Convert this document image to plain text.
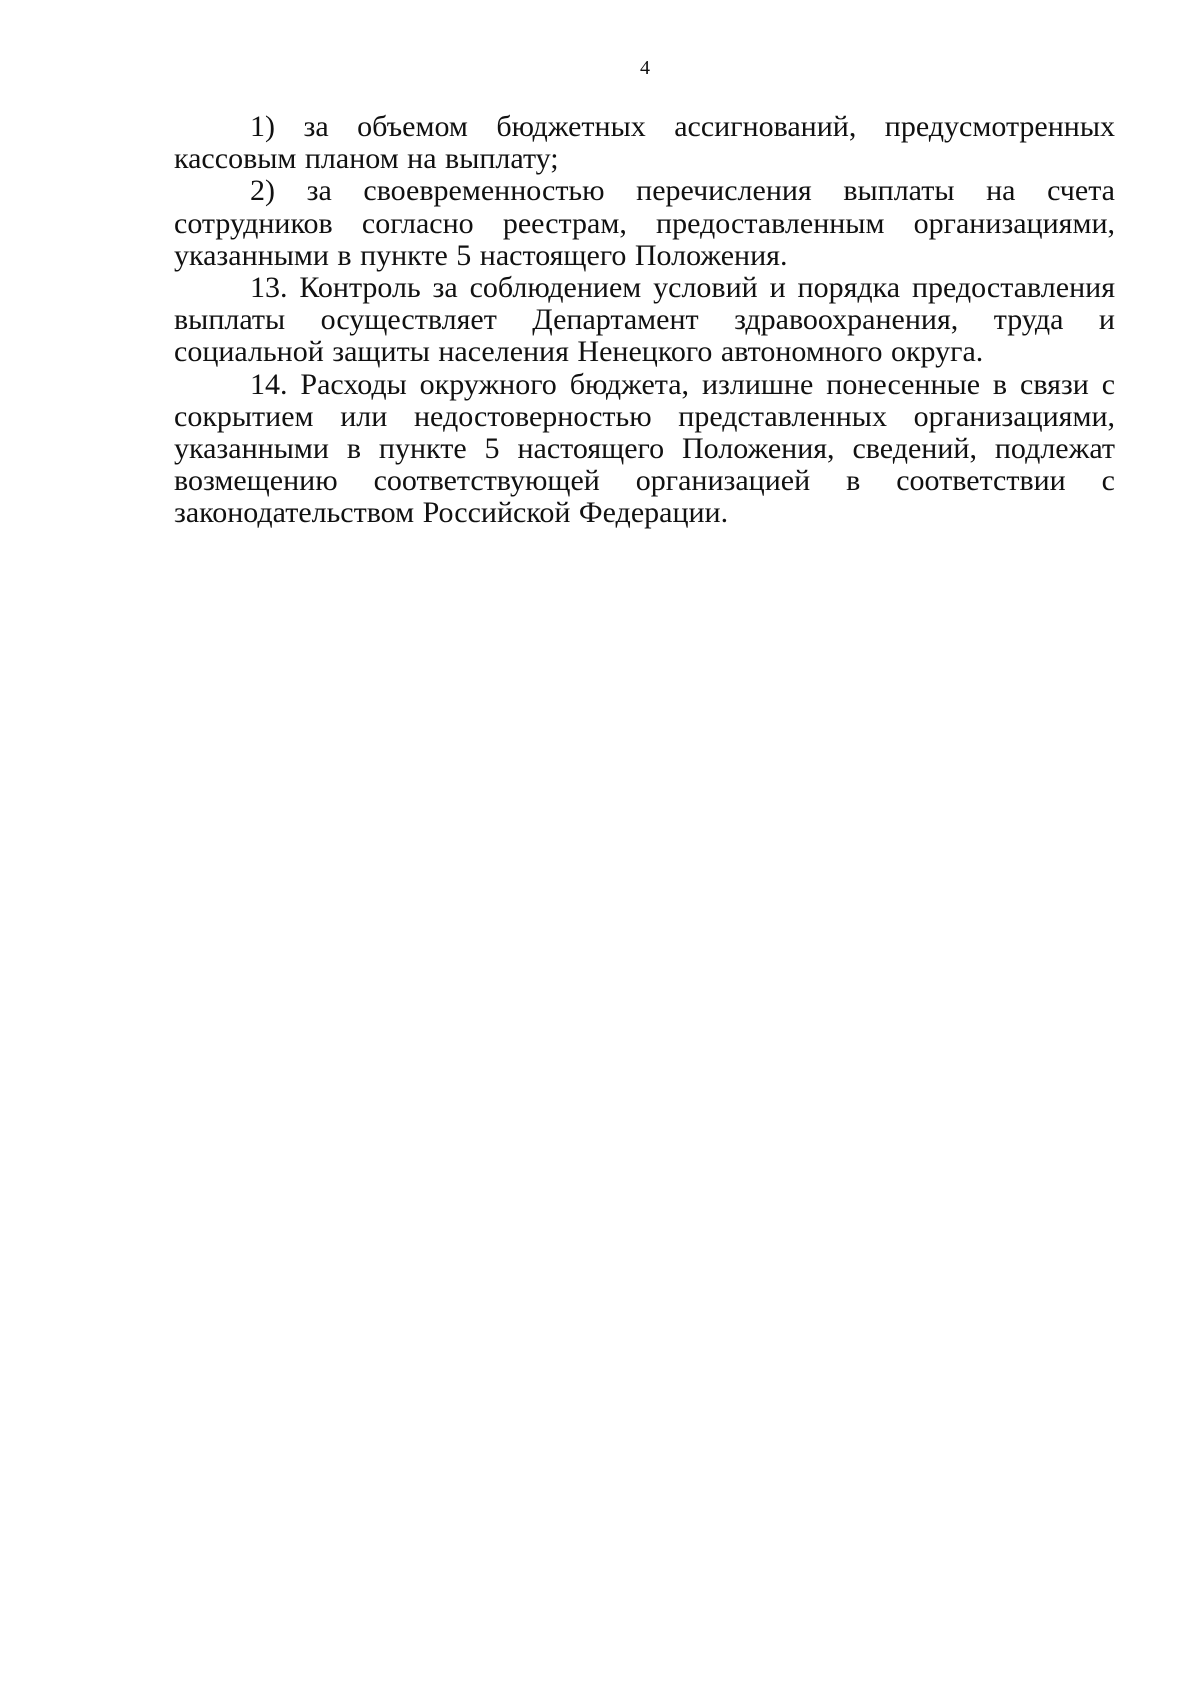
4

1) за объемом бюджетных ассигнований, предусмотренных кассовым планом на выплату;

2) за своевременностью перечисления выплаты на счета сотрудников согласно реестрам, предоставленным организациями, указанными в пункте 5 настоящего Положения.

13. Контроль за соблюдением условий и порядка предоставления выплаты осуществляет Департамент здравоохранения, труда и социальной защиты населения Ненецкого автономного округа.

14. Расходы окружного бюджета, излишне понесенные в связи с сокрытием или недостоверностью представленных организациями, указанными в пункте 5 настоящего Положения, сведений, подлежат возмещению соответствующей организацией в соответствии с законодательством Российской Федерации.
